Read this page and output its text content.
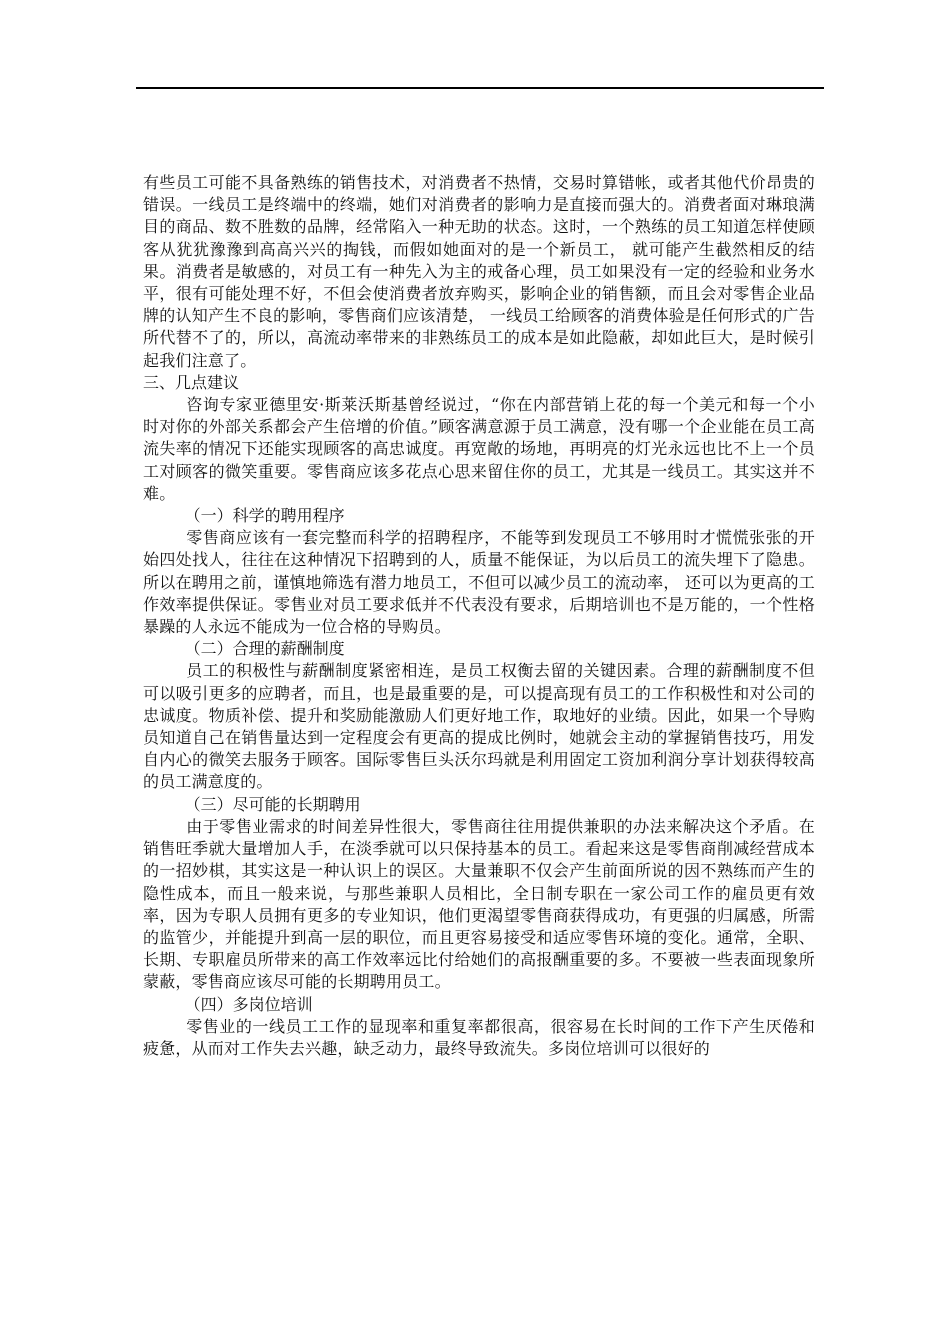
有些员工可能不具备熟练的销售技术，对消费者不热情，交易时算错帐，或者其他代价昂贵的错误。一线员工是终端中的终端，她们对消费者的影响力是直接而强大的。消费者面对琳琅满目的商品、数不胜数的品牌，经常陷入一种无助的状态。这时，一个熟练的员工知道怎样使顾客从犹犹豫豫到高高兴兴的掏钱，而假如她面对的是一个新员工， 就可能产生截然相反的结果。消费者是敏感的，对员工有一种先入为主的戒备心理，员工如果没有一定的经验和业务水平，很有可能处理不好，不但会使消费者放弃购买，影响企业的销售额，而且会对零售企业品牌的认知产生不良的影响，零售商们应该清楚， 一线员工给顾客的消费体验是任何形式的广告所代替不了的，所以，高流动率带来的非熟练员工的成本是如此隐蔽，却如此巨大，是时候引起我们注意了。

三、几点建议

咨询专家亚德里安·斯莱沃斯基曾经说过，“你在内部营销上花的每一个美元和每一个小时对你的外部关系都会产生倍增的价值。”顾客满意源于员工满意，没有哪一个企业能在员工高流失率的情况下还能实现顾客的高忠诚度。再宽敞的场地，再明亮的灯光永远也比不上一个员工对顾客的微笑重要。零售商应该多花点心思来留住你的员工，尤其是一线员工。其实这并不难。

（一）科学的聘用程序

零售商应该有一套完整而科学的招聘程序，不能等到发现员工不够用时才慌慌张张的开始四处找人，往往在这种情况下招聘到的人，质量不能保证，为以后员工的流失埋下了隐患。所以在聘用之前，谨慎地筛选有潜力地员工，不但可以减少员工的流动率， 还可以为更高的工作效率提供保证。零售业对员工要求低并不代表没有要求，后期培训也不是万能的，一个性格暴躁的人永远不能成为一位合格的导购员。

（二）合理的薪酬制度

员工的积极性与薪酬制度紧密相连，是员工权衡去留的关键因素。合理的薪酬制度不但可以吸引更多的应聘者，而且，也是最重要的是，可以提高现有员工的工作积极性和对公司的忠诚度。物质补偿、提升和奖励能激励人们更好地工作，取地好的业绩。因此，如果一个导购员知道自己在销售量达到一定程度会有更高的提成比例时，她就会主动的掌握销售技巧，用发自内心的微笑去服务于顾客。国际零售巨头沃尔玛就是利用固定工资加利润分享计划获得较高的员工满意度的。

（三）尽可能的长期聘用

由于零售业需求的时间差异性很大，零售商往往用提供兼职的办法来解决这个矛盾。在销售旺季就大量增加人手，在淡季就可以只保持基本的员工。看起来这是零售商削减经营成本的一招妙棋，其实这是一种认识上的误区。大量兼职不仅会产生前面所说的因不熟练而产生的隐性成本，而且一般来说，与那些兼职人员相比，全日制专职在一家公司工作的雇员更有效率，因为专职人员拥有更多的专业知识，他们更渴望零售商获得成功，有更强的归属感，所需的监管少，并能提升到高一层的职位，而且更容易接受和适应零售环境的变化。通常，全职、长期、专职雇员所带来的高工作效率远比付给她们的高报酬重要的多。不要被一些表面现象所蒙蔽，零售商应该尽可能的长期聘用员工。

（四）多岗位培训

零售业的一线员工工作的显现率和重复率都很高，很容易在长时间的工作下产生厌倦和疲惫，从而对工作失去兴趣，缺乏动力，最终导致流失。多岗位培训可以很好的
